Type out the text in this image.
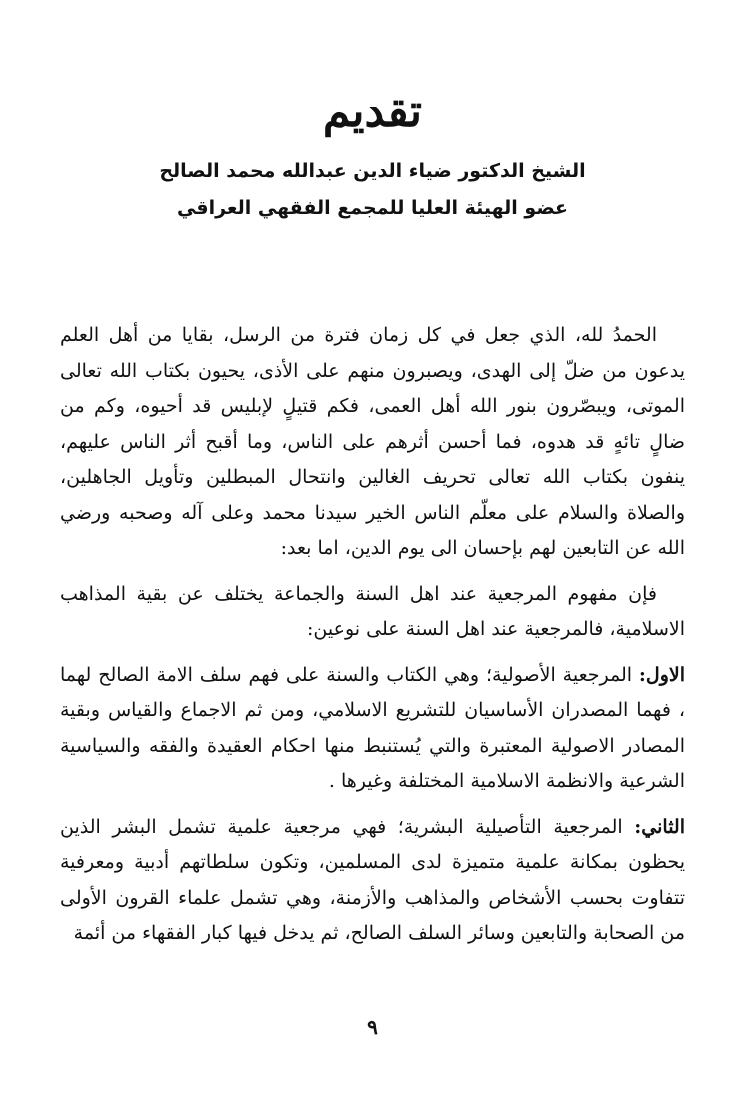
تقديم
الشيخ الدكتور ضياء الدين عبدالله محمد الصالح
عضو الهيئة العليا للمجمع الفقهي العراقي

الحمدُ لله، الذي جعل في كل زمان فترة من الرسل، بقايا من أهل العلم يدعون من ضلّ إلى الهدى، ويصبرون منهم على الأذى، يحيون بكتاب الله تعالى الموتى، ويبصّرون بنور الله أهل العمى، فكم قتيلٍ لإبليس قد أحيوه، وكم من ضالٍ تائهٍ قد هدوه، فما أحسن أثرهم على الناس، وما أقبح أثر الناس عليهم، ينفون بكتاب الله تعالى تحريف الغالين وانتحال المبطلين وتأويل الجاهلين، والصلاة والسلام على معلّم الناس الخير سيدنا محمد وعلى آله وصحبه ورضي الله عن التابعين لهم بإحسان الى يوم الدين، اما بعد:

فإن مفهوم المرجعية عند اهل السنة والجماعة يختلف عن بقية المذاهب الاسلامية، فالمرجعية عند اهل السنة على نوعين:

الاول: المرجعية الأصولية؛ وهي الكتاب والسنة على فهم سلف الامة الصالح لهما ، فهما المصدران الأساسيان للتشريع الاسلامي، ومن ثم الاجماع والقياس وبقية المصادر الاصولية المعتبرة والتي يُستنبط منها احكام العقيدة والفقه والسياسية الشرعية والانظمة الاسلامية المختلفة وغيرها .

الثاني: المرجعية التأصيلية البشرية؛ فهي مرجعية علمية تشمل البشر الذين يحظون بمكانة علمية متميزة لدى المسلمين، وتكون سلطاتهم أدبية ومعرفية تتفاوت بحسب الأشخاص والمذاهب والأزمنة، وهي تشمل علماء القرون الأولى من الصحابة والتابعين وسائر السلف الصالح، ثم يدخل فيها كبار الفقهاء من أئمة

٩
